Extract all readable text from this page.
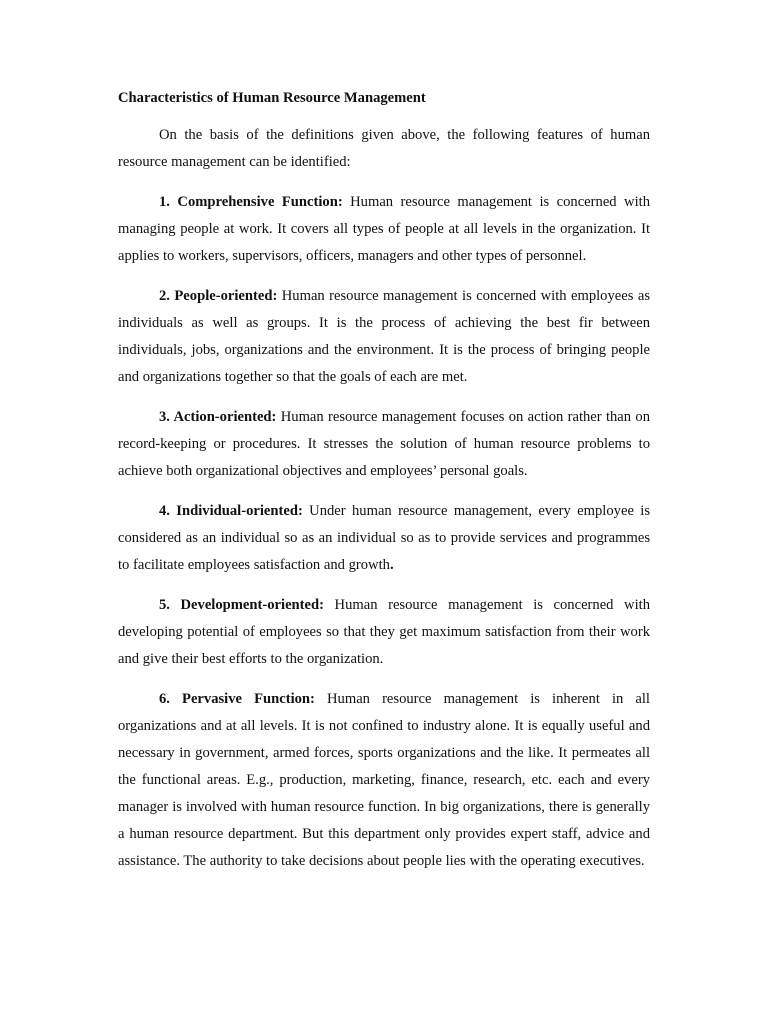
Characteristics of Human Resource Management

On the basis of the definitions given above, the following features of human resource management can be identified:

1. Comprehensive Function: Human resource management is concerned with managing people at work. It covers all types of people at all levels in the organization. It applies to workers, supervisors, officers, managers and other types of personnel.

2. People-oriented: Human resource management is concerned with employees as individuals as well as groups. It is the process of achieving the best fir between individuals, jobs, organizations and the environment. It is the process of bringing people and organizations together so that the goals of each are met.

3. Action-oriented: Human resource management focuses on action rather than on record-keeping or procedures. It stresses the solution of human resource problems to achieve both organizational objectives and employees’ personal goals.

4. Individual-oriented: Under human resource management, every employee is considered as an individual so as an individual so as to provide services and programmes to facilitate employees satisfaction and growth.

5. Development-oriented: Human resource management is concerned with developing potential of employees so that they get maximum satisfaction from their work and give their best efforts to the organization.

6. Pervasive Function: Human resource management is inherent in all organizations and at all levels. It is not confined to industry alone. It is equally useful and necessary in government, armed forces, sports organizations and the like. It permeates all the functional areas. E.g., production, marketing, finance, research, etc. each and every manager is involved with human resource function. In big organizations, there is generally a human resource department. But this department only provides expert staff, advice and assistance. The authority to take decisions about people lies with the operating executives.
